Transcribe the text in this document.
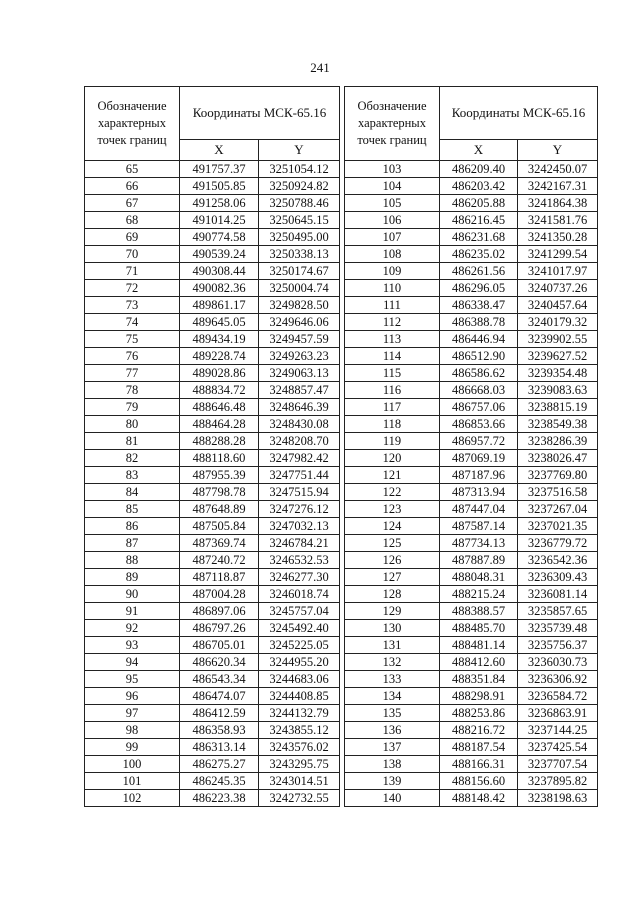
241
Обозначение характерных точек границ	Координаты МСК-65.16	
	X	Y
65	491757.37	3251054.12
66	491505.85	3250924.82
67	491258.06	3250788.46
68	491014.25	3250645.15
69	490774.58	3250495.00
70	490539.24	3250338.13
71	490308.44	3250174.67
72	490082.36	3250004.74
73	489861.17	3249828.50
74	489645.05	3249646.06
75	489434.19	3249457.59
76	489228.74	3249263.23
77	489028.86	3249063.13
78	488834.72	3248857.47
79	488646.48	3248646.39
80	488464.28	3248430.08
81	488288.28	3248208.70
82	488118.60	3247982.42
83	487955.39	3247751.44
84	487798.78	3247515.94
85	487648.89	3247276.12
86	487505.84	3247032.13
87	487369.74	3246784.21
88	487240.72	3246532.53
89	487118.87	3246277.30
90	487004.28	3246018.74
91	486897.06	3245757.04
92	486797.26	3245492.40
93	486705.01	3245225.05
94	486620.34	3244955.20
95	486543.34	3244683.06
96	486474.07	3244408.85
97	486412.59	3244132.79
98	486358.93	3243855.12
99	486313.14	3243576.02
100	486275.27	3243295.75
101	486245.35	3243014.51
102	486223.38	3242732.55
Обозначение характерных точек границ	Координаты МСК-65.16	
	X	Y
103	486209.40	3242450.07
104	486203.42	3242167.31
105	486205.88	3241864.38
106	486216.45	3241581.76
107	486231.68	3241350.28
108	486235.02	3241299.54
109	486261.56	3241017.97
110	486296.05	3240737.26
111	486338.47	3240457.64
112	486388.78	3240179.32
113	486446.94	3239902.55
114	486512.90	3239627.52
115	486586.62	3239354.48
116	486668.03	3239083.63
117	486757.06	3238815.19
118	486853.66	3238549.38
119	486957.72	3238286.39
120	487069.19	3238026.47
121	487187.96	3237769.80
122	487313.94	3237516.58
123	487447.04	3237267.04
124	487587.14	3237021.35
125	487734.13	3236779.72
126	487887.89	3236542.36
127	488048.31	3236309.43
128	488215.24	3236081.14
129	488388.57	3235857.65
130	488485.70	3235739.48
131	488481.14	3235756.37
132	488412.60	3236030.73
133	488351.84	3236306.92
134	488298.91	3236584.72
135	488253.86	3236863.91
136	488216.72	3237144.25
137	488187.54	3237425.54
138	488166.31	3237707.54
139	488156.60	3237895.82
140	488148.42	3238198.63
